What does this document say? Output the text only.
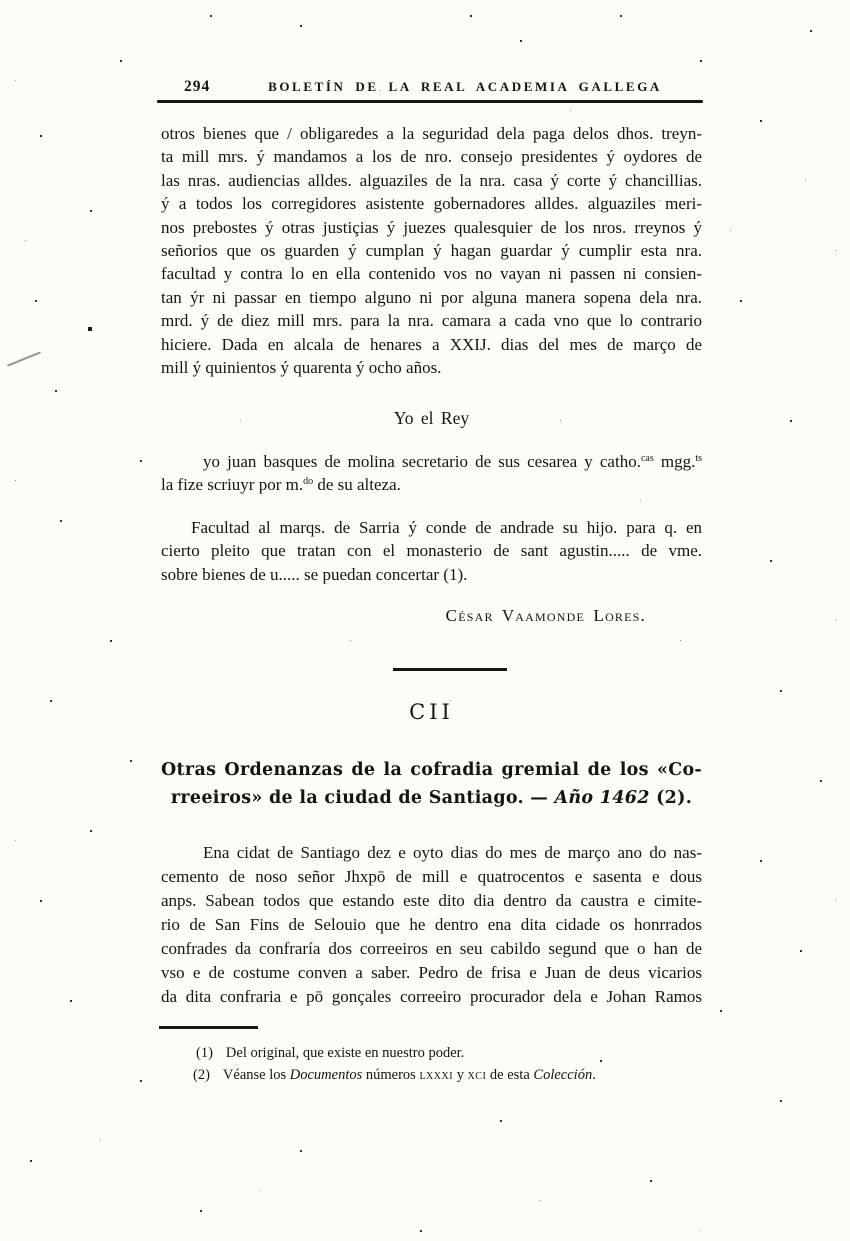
294	BOLETÍN DE LA REAL ACADEMIA GALLEGA
otros bienes que / obligaredes a la seguridad dela paga delos dhos. treyn-
ta mill mrs. ý mandamos a los de nro. consejo presidentes ý oydores de
las nras. audiencias alldes. alguaziles de la nra. casa ý corte ý chancillias.
ý a todos los corregidores asistente gobernadores alldes. alguaziles meri-
nos prebostes ý otras justiçias ý juezes qualesquier de los nros. rreynos ý
señorios que os guarden ý cumplan ý hagan guardar ý cumplir esta nra.
facultad y contra lo en ella contenido vos no vayan ni passen ni consien-
tan ýr ni passar en tiempo alguno ni por alguna manera sopena dela nra.
mrd. ý de diez mill mrs. para la nra. camara a cada vno que lo contrario
hiciere. Dada en alcala de henares a XXIJ. dias del mes de março de
mill ý quinientos ý quarenta ý ocho años.
Yo el Rey
yo juan basques de molina secretario de sus cesarea y catho.$^{cas}$ mgg.$^{ts}$
la fize scriuyr por m.$^{do}$ de su alteza.
Facultad al marqs. de Sarria ý conde de andrade su hijo. para q. en
cierto pleito que tratan con el monasterio de sant agustin..... de vme.
sobre bienes de u..... se puedan concertar (1).
César Vaamonde Lores.
CII
Otras Ordenanzas de la cofradia gremial de los «Co-
rreeiros» de la ciudad de Santiago. — Año 1462 (2).
Ena cidat de Santiago dez e oyto dias do mes de março ano do nas-
cemento de noso señor Jhxpō de mill e quatrocentos e sasenta e dous
anps. Sabean todos que estando este dito dia dentro da caustra e cimite-
rio de San Fins de Selouio que he dentro ena dita cidade os honrrados
confrades da confraría dos correeiros en seu cabildo segund que o han de
vso e de costume conven a saber. Pedro de frisa e Juan de deus vicarios
da dita confraria e pō gonçales correeiro procurador dela e Johan Ramos
(1) Del original, que existe en nuestro poder.
(2) Véanse los Documentos números lxxxi y xci de esta Colección.
